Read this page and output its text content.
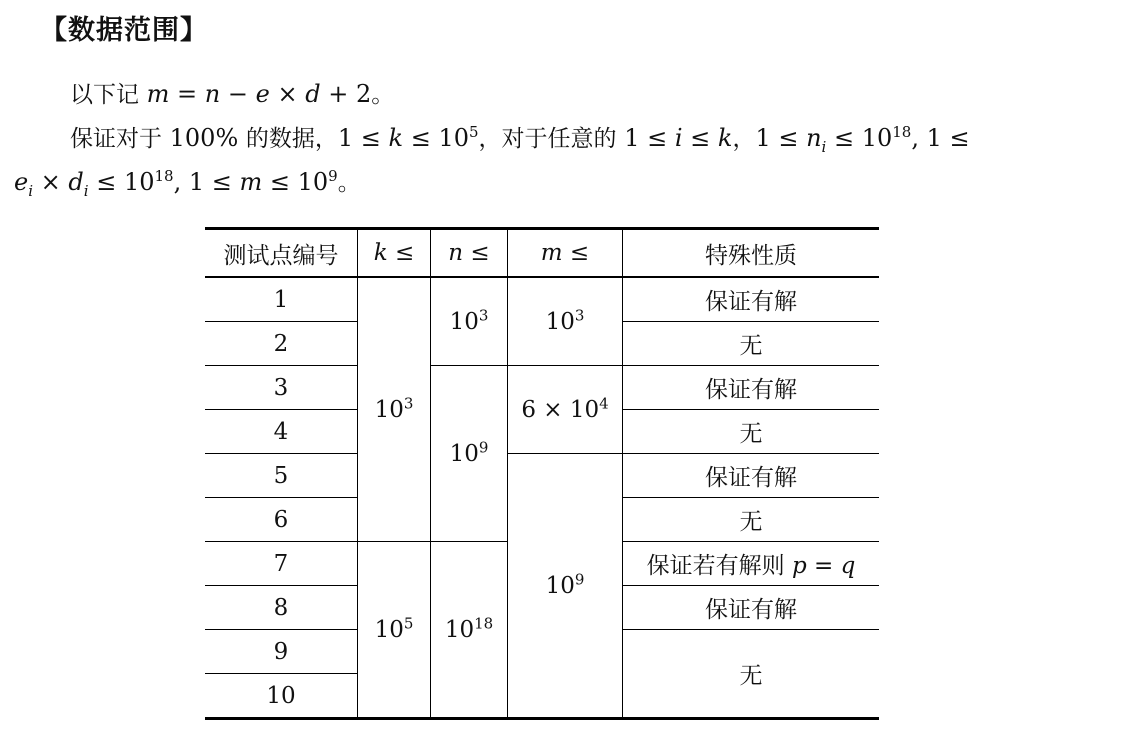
【数据范围】
以下记 m = n − e × d + 2。
保证对于 100% 的数据，$1 \le k \le 10^5$，对于任意的 1 ≤ i ≤ k，$1 \le n_i \le 10^{18}$, 1 ≤
$e_i \times d_i \le 10^{18}$, $1 \le m \le 10^9$。
测试点编号	k ≤	n ≤	m ≤	特殊性质
1	$10^3$	$10^3$	$10^3$	保证有解
2				无
3		$10^9$	$6 \times 10^4$	保证有解
4				无
5			$10^9$	保证有解
6				无
7	$10^5$	$10^{18}$		保证若有解则 p = q
8				保证有解
9				无
10				
